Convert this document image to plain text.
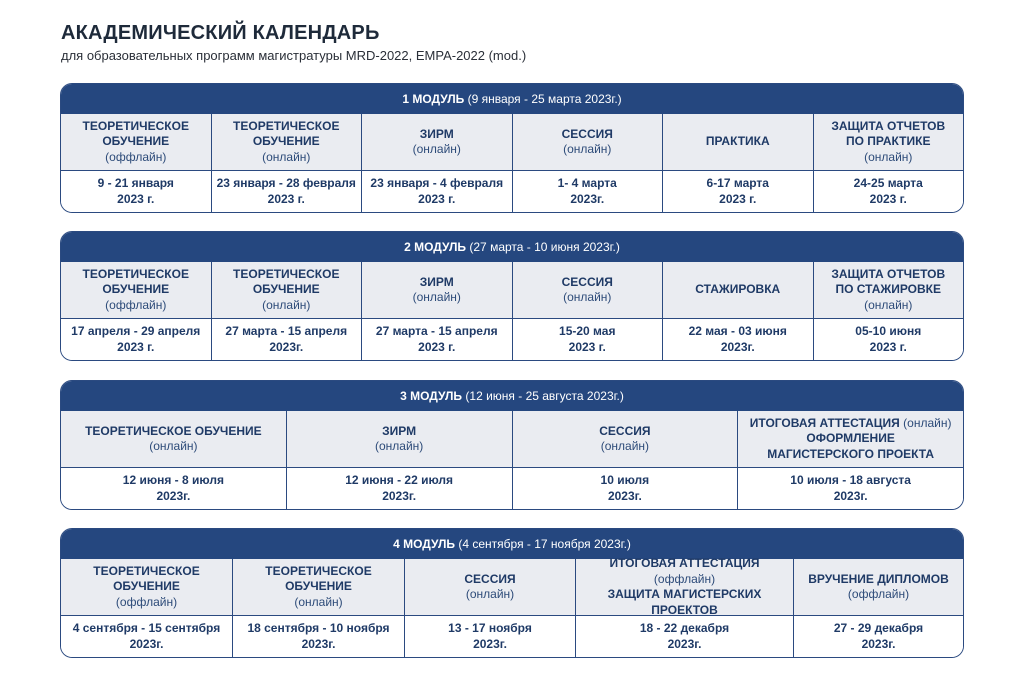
АКАДЕМИЧЕСКИЙ КАЛЕНДАРЬ
для образовательных программ магистратуры MRD-2022, EMPA-2022 (mod.)
1 МОДУЛЬ (9 января - 25 марта 2023г.)
ТЕОРЕТИЧЕСКОЕ
ОБУЧЕНИЕ
(оффлайн)
ТЕОРЕТИЧЕСКОЕ
ОБУЧЕНИЕ
(онлайн)
ЗИРМ
(онлайн)
СЕССИЯ
(онлайн)
ПРАКТИКА
ЗАЩИТА ОТЧЕТОВ
ПО ПРАКТИКЕ
(онлайн)
9 - 21 января
2023 г.
23 января - 28 февраля
2023 г.
23 января - 4 февраля
2023 г.
1- 4 марта
2023г.
6-17 марта
2023 г.
24-25 марта
2023 г.
2 МОДУЛЬ (27 марта - 10 июня 2023г.)
ТЕОРЕТИЧЕСКОЕ
ОБУЧЕНИЕ
(оффлайн)
ТЕОРЕТИЧЕСКОЕ
ОБУЧЕНИЕ
(онлайн)
ЗИРМ
(онлайн)
СЕССИЯ
(онлайн)
СТАЖИРОВКА
ЗАЩИТА ОТЧЕТОВ
ПО СТАЖИРОВКЕ
(онлайн)
17 апреля - 29 апреля
2023 г.
27 марта - 15 апреля
2023г.
27 марта - 15 апреля
2023 г.
15-20 мая
2023 г.
22 мая - 03 июня
2023г.
05-10 июня
2023 г.
3 МОДУЛЬ (12 июня - 25 августа 2023г.)
ТЕОРЕТИЧЕСКОЕ ОБУЧЕНИЕ
(онлайн)
ЗИРМ
(онлайн)
СЕССИЯ
(онлайн)
ИТОГОВАЯ АТТЕСТАЦИЯ (онлайн)
ОФОРМЛЕНИЕ
МАГИСТЕРСКОГО ПРОЕКТА
12 июня - 8 июля
2023г.
12 июня - 22 июля
2023г.
10 июля
2023г.
10 июля - 18 августа
2023г.
4 МОДУЛЬ (4 сентября - 17 ноября 2023г.)
ТЕОРЕТИЧЕСКОЕ ОБУЧЕНИЕ
(оффлайн)
ТЕОРЕТИЧЕСКОЕ ОБУЧЕНИЕ
(онлайн)
СЕССИЯ
(онлайн)
ИТОГОВАЯ АТТЕСТАЦИЯ
(оффлайн)
ЗАЩИТА МАГИСТЕРСКИХ ПРОЕКТОВ
ВРУЧЕНИЕ ДИПЛОМОВ
(оффлайн)
4 сентября - 15 сентября
2023г.
18 сентября - 10 ноября
2023г.
13 - 17 ноября
2023г.
18 - 22 декабря
2023г.
27 - 29 декабря
2023г.
